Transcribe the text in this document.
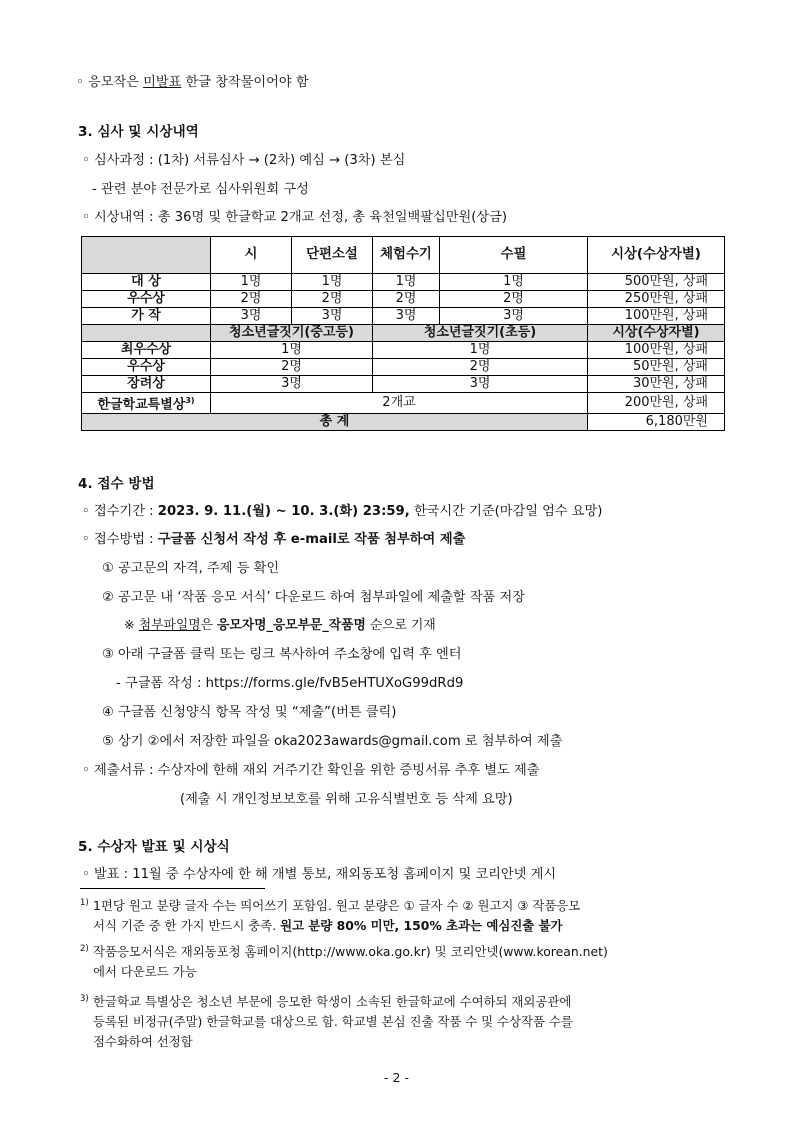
◦ 응모작은 미발표 한글 창작물이어야 함
3. 심사 및 시상내역
◦ 심사과정 : (1차) 서류심사 → (2차) 예심 → (3차) 본심
- 관련 분야 전문가로 심사위원회 구성
◦ 시상내역 : 총 36명 및 한글학교 2개교 선정, 총 육천일백팔십만원(상금)
	시	단편소설	체험수기	수필	시상(수상자별)
대 상	1명	1명	1명	1명	500만원, 상패
우수상	2명	2명	2명	2명	250만원, 상패
가 작	3명	3명	3명	3명	100만원, 상패
	청소년글짓기(중고등)		청소년글짓기(초등)		시상(수상자별)
최우수상	1명		1명		100만원, 상패
우수상	2명		2명		50만원, 상패
장려상	3명		3명		30만원, 상패
한글학교특별상$^{3)}$	2개교				200만원, 상패
총 계					6,180만원
4. 접수 방법
◦ 접수기간 : 2023. 9. 11.(월) ~ 10. 3.(화) 23:59, 한국시간 기준(마감일 엄수 요망)
◦ 접수방법 : 구글폼 신청서 작성 후 e-mail로 작품 첨부하여 제출
① 공고문의 자격, 주제 등 확인
② 공고문 내 ‘작품 응모 서식’ 다운로드 하여 첨부파일에 제출할 작품 저장
※ 첨부파일명은 응모자명_응모부문_작품명 순으로 기재
③ 아래 구글폼 클릭 또는 링크 복사하여 주소창에 입력 후 엔터
- 구글폼 작성 : https://forms.gle/fvB5eHTUXoG99dRd9
④ 구글폼 신청양식 항목 작성 및 “제출”(버튼 클릭)
⑤ 상기 ②에서 저장한 파일을 oka2023awards@gmail.com 로 첨부하여 제출
◦ 제출서류 : 수상자에 한해 재외 거주기간 확인을 위한 증빙서류 추후 별도 제출
(제출 시 개인정보보호를 위해 고유식별번호 등 삭제 요망)
5. 수상자 발표 및 시상식
◦ 발표 : 11월 중 수상자에 한 해 개별 통보, 재외동포청 홈페이지 및 코리안넷 게시
1) 1편당 원고 분량 글자 수는 띄어쓰기 포함임. 원고 분량은 ① 글자 수 ② 원고지 ③ 작품응모
서식 기준 중 한 가지 반드시 충족. 원고 분량 80% 미만, 150% 초과는 예심진출 불가
2) 작품응모서식은 재외동포청 홈페이지(http://www.oka.go.kr) 및 코리안넷(www.korean.net)
에서 다운로드 가능
3) 한글학교 특별상은 청소년 부문에 응모한 학생이 소속된 한글학교에 수여하되 재외공관에
등록된 비정규(주말) 한글학교를 대상으로 함. 학교별 본심 진출 작품 수 및 수상작품 수를
점수화하여 선정함
- 2 -
